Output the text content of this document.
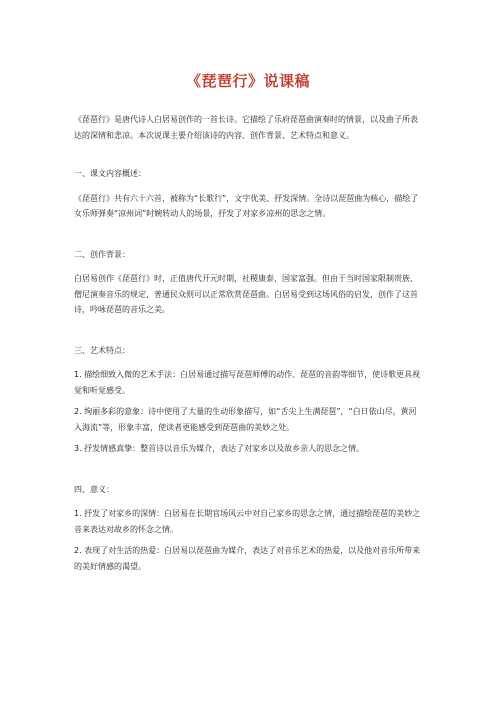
《琵琶行》说课稿

《琵琶行》是唐代诗人白居易创作的一首长诗。它描绘了乐府琵琶曲演奏时的情景，以及曲子所表达的深情和悲凉。本次说课主要介绍该诗的内容、创作背景、艺术特点和意义。

一、课文内容概述：

《琵琶行》共有六十六首，被称为“长歌行”，文字优美、抒发深情。全诗以琵琶曲为核心，描绘了女乐师弹奏“凉州词”时婉转动人的场景，抒发了对家乡凉州的思念之情。

二、创作背景：

白居易创作《琵琶行》时，正值唐代开元时期，社稷康泰，国家富强。但由于当时国家限制贵族、僧尼演奏音乐的规定，普通民众则可以正常欣赏琵琶曲。白居易受到这场风俗的启发，创作了这首诗，吟咏琵琶的音乐之美。

三、艺术特点：

1. 描绘细致入微的艺术手法：白居易通过描写琵琶师傅的动作、琵琶的音韵等细节，使诗歌更具视觉和听觉感受。

2. 绚丽多彩的意象：诗中使用了大量的生动形象描写，如“舌尖上生满琵琶”，“白日依山尽，黄河入海流”等，形象丰富，使读者更能感受到琵琶曲的美妙之处。

3. 抒发情感真挚：整首诗以音乐为媒介，表达了对家乡以及故乡亲人的思念之情。

四、意义：

1. 抒发了对家乡的深情：白居易在长期官场风云中对自己家乡的思念之情，通过描绘琵琶的美妙之音来表达对故乡的怀念之情。

2. 表现了对生活的热爱：白居易以琵琶曲为媒介，表达了对音乐艺术的热爱，以及他对音乐所带来的美好情感的渴望。
